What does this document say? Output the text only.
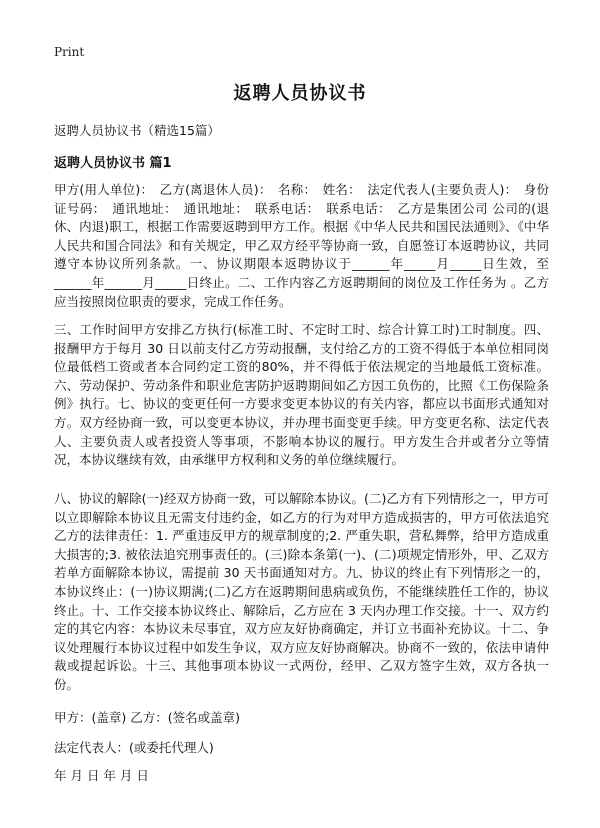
Print
返聘人员协议书

返聘人员协议书（精选15篇）

返聘人员协议书 篇1

甲方(用人单位)：　乙方(离退休人员)：　名称：　姓名：　法定代表人(主要负责人)：　身份证号码：　通讯地址：　通讯地址：　联系电话：　联系电话：　乙方是集团公司 公司的(退休、内退)职工，根据工作需要返聘到甲方工作。根据《中华人民共和国民法通则》、《中华人民共和国合同法》和有关规定，甲乙双方经平等协商一致，自愿签订本返聘协议，共同遵守本协议所列条款。一、协议期限本返聘协议于______年_____月_____日生效，至______年______月_____日终止。二、工作内容乙方返聘期间的岗位及工作任务为 。乙方应当按照岗位职责的要求，完成工作任务。

三、工作时间甲方安排乙方执行(标准工时、不定时工时、综合计算工时)工时制度。四、报酬甲方于每月 30 日以前支付乙方劳动报酬，支付给乙方的工资不得低于本单位相同岗位最低档工资或者本合同约定工资的80%，并不得低于依法规定的当地最低工资标准。六、劳动保护、劳动条件和职业危害防护返聘期间如乙方因工负伤的，比照《工伤保险条例》执行。七、协议的变更任何一方要求变更本协议的有关内容，都应以书面形式通知对方。双方经协商一致，可以变更本协议，并办理书面变更手续。甲方变更名称、法定代表人、主要负责人或者投资人等事项，不影响本协议的履行。甲方发生合并或者分立等情况，本协议继续有效，由承继甲方权利和义务的单位继续履行。

八、协议的解除(一)经双方协商一致，可以解除本协议。(二)乙方有下列情形之一，甲方可以立即解除本协议且无需支付违约金，如乙方的行为对甲方造成损害的，甲方可依法追究乙方的法律责任：1. 严重违反甲方的规章制度的;2. 严重失职，营私舞弊，给甲方造成重大损害的;3. 被依法追究刑事责任的。(三)除本条第(一)、(二)项规定情形外，甲、乙双方若单方面解除本协议，需提前 30 天书面通知对方。九、协议的终止有下列情形之一的，本协议终止：(一)协议期满;(二)乙方在返聘期间患病或负伤，不能继续胜任工作的，协议终止。十、工作交接本协议终止、解除后，乙方应在 3 天内办理工作交接。十一、双方约定的其它内容：本协议未尽事宜，双方应友好协商确定，并订立书面补充协议。十二、争议处理履行本协议过程中如发生争议，双方应友好协商解决。协商不一致的，依法申请仲裁或提起诉讼。十三、其他事项本协议一式两份，经甲、乙双方签字生效，双方各执一份。

甲方：(盖章) 乙方：(签名或盖章)

法定代表人：(或委托代理人)

年 月 日 年 月 日
